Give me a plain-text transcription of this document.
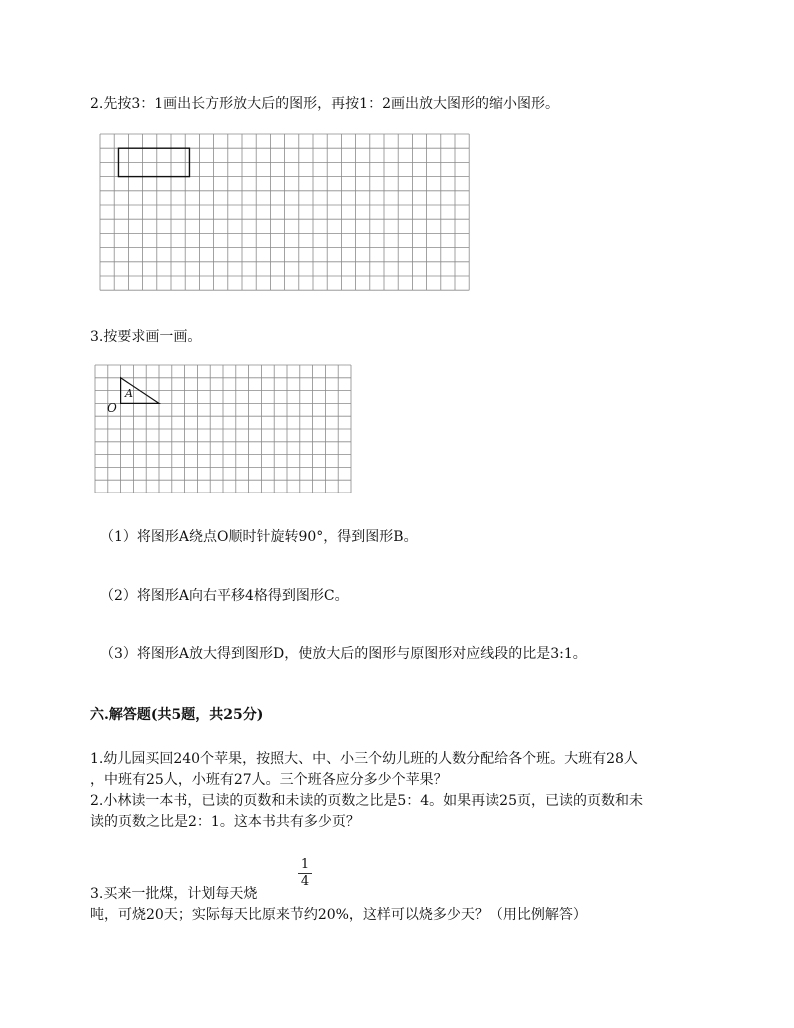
2.先按3：1画出长方形放大后的图形，再按1：2画出放大图形的缩小图形。
3.按要求画一画。
O
A
（1）将图形A绕点O顺时针旋转90°，得到图形B。
（2）将图形A向右平移4格得到图形C。
（3）将图形A放大得到图形D，使放大后的图形与原图形对应线段的比是3:1。
六.解答题(共5题，共25分)
1.幼儿园买回240个苹果，按照大、中、小三个幼儿班的人数分配给各个班。大班有28人
，中班有25人，小班有27人。三个班各应分多少个苹果？
2.小林读一本书，已读的页数和未读的页数之比是5：4。如果再读25页，已读的页数和未
读的页数之比是2：1。这本书共有多少页？
1
4
3.买来一批煤，计划每天烧
吨，可烧20天；实际每天比原来节约20%，这样可以烧多少天？（用比例解答）
